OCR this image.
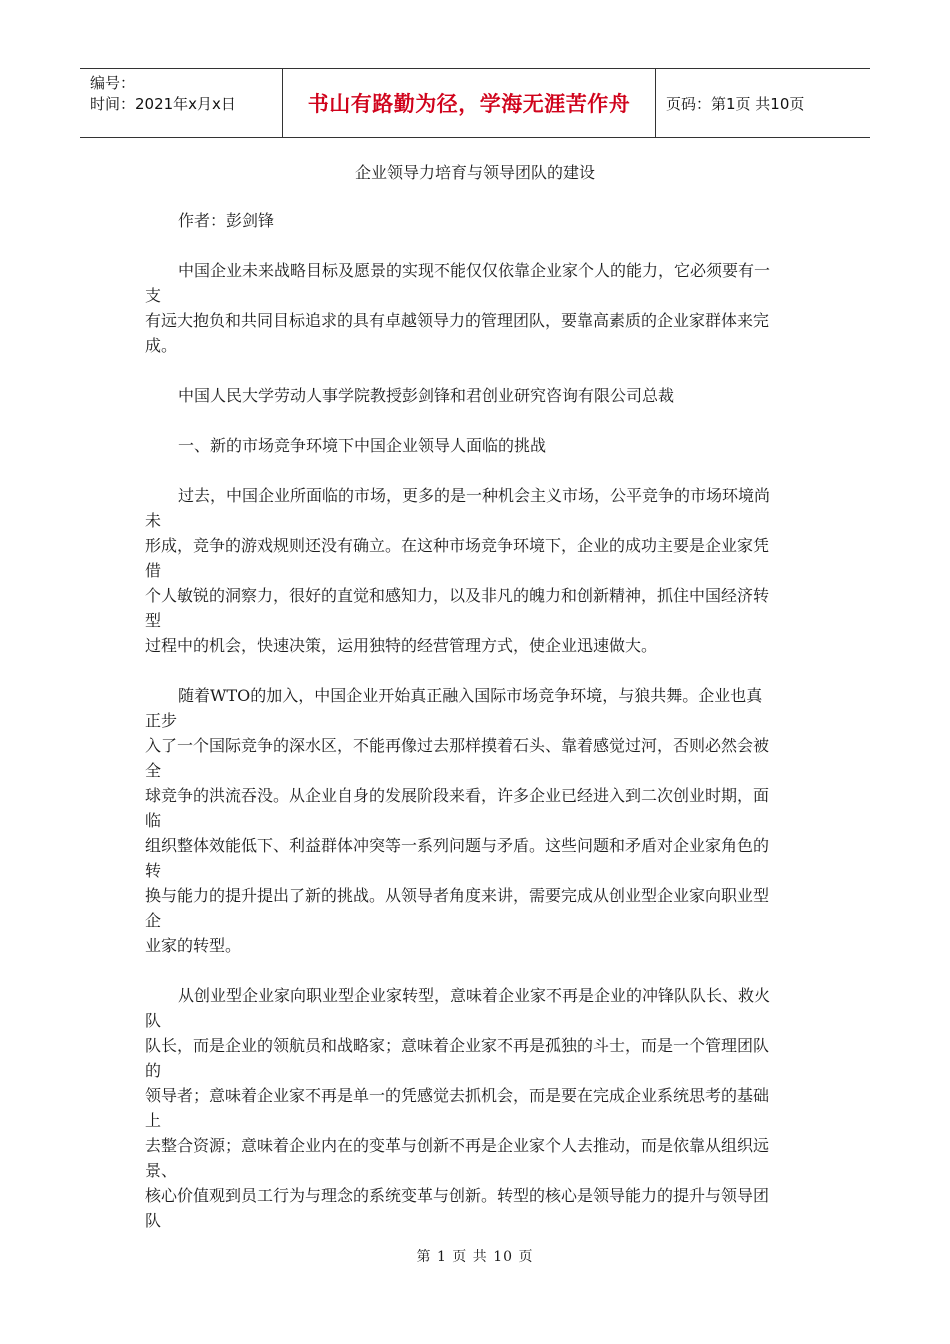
编号：
时间：2021年x月x日	书山有路勤为径，学海无涯苦作舟	页码：第1页 共10页
企业领导力培育与领导团队的建设

作者：彭剑锋

中国企业未来战略目标及愿景的实现不能仅仅依靠企业家个人的能力，它必须要有一
支
有远大抱负和共同目标追求的具有卓越领导力的管理团队，要靠高素质的企业家群体来完
成。

中国人民大学劳动人事学院教授彭剑锋和君创业研究咨询有限公司总裁

一、新的市场竞争环境下中国企业领导人面临的挑战

过去，中国企业所面临的市场，更多的是一种机会主义市场，公平竞争的市场环境尚
未
形成，竞争的游戏规则还没有确立。在这种市场竞争环境下，企业的成功主要是企业家凭
借
个人敏锐的洞察力，很好的直觉和感知力，以及非凡的魄力和创新精神，抓住中国经济转
型
过程中的机会，快速决策，运用独特的经营管理方式，使企业迅速做大。

随着WTO的加入，中国企业开始真正融入国际市场竞争环境，与狼共舞。企业也真
正步
入了一个国际竞争的深水区，不能再像过去那样摸着石头、靠着感觉过河，否则必然会被
全
球竞争的洪流吞没。从企业自身的发展阶段来看，许多企业已经进入到二次创业时期，面
临
组织整体效能低下、利益群体冲突等一系列问题与矛盾。这些问题和矛盾对企业家角色的
转
换与能力的提升提出了新的挑战。从领导者角度来讲，需要完成从创业型企业家向职业型
企
业家的转型。

从创业型企业家向职业型企业家转型，意味着企业家不再是企业的冲锋队队长、救火
队
队长，而是企业的领航员和战略家；意味着企业家不再是孤独的斗士，而是一个管理团队
的
领导者；意味着企业家不再是单一的凭感觉去抓机会，而是要在完成企业系统思考的基础
上
去整合资源；意味着企业内在的变革与创新不再是企业家个人去推动，而是依靠从组织远
景、
核心价值观到员工行为与理念的系统变革与创新。转型的核心是领导能力的提升与领导团
队

第 1 页 共 10 页
